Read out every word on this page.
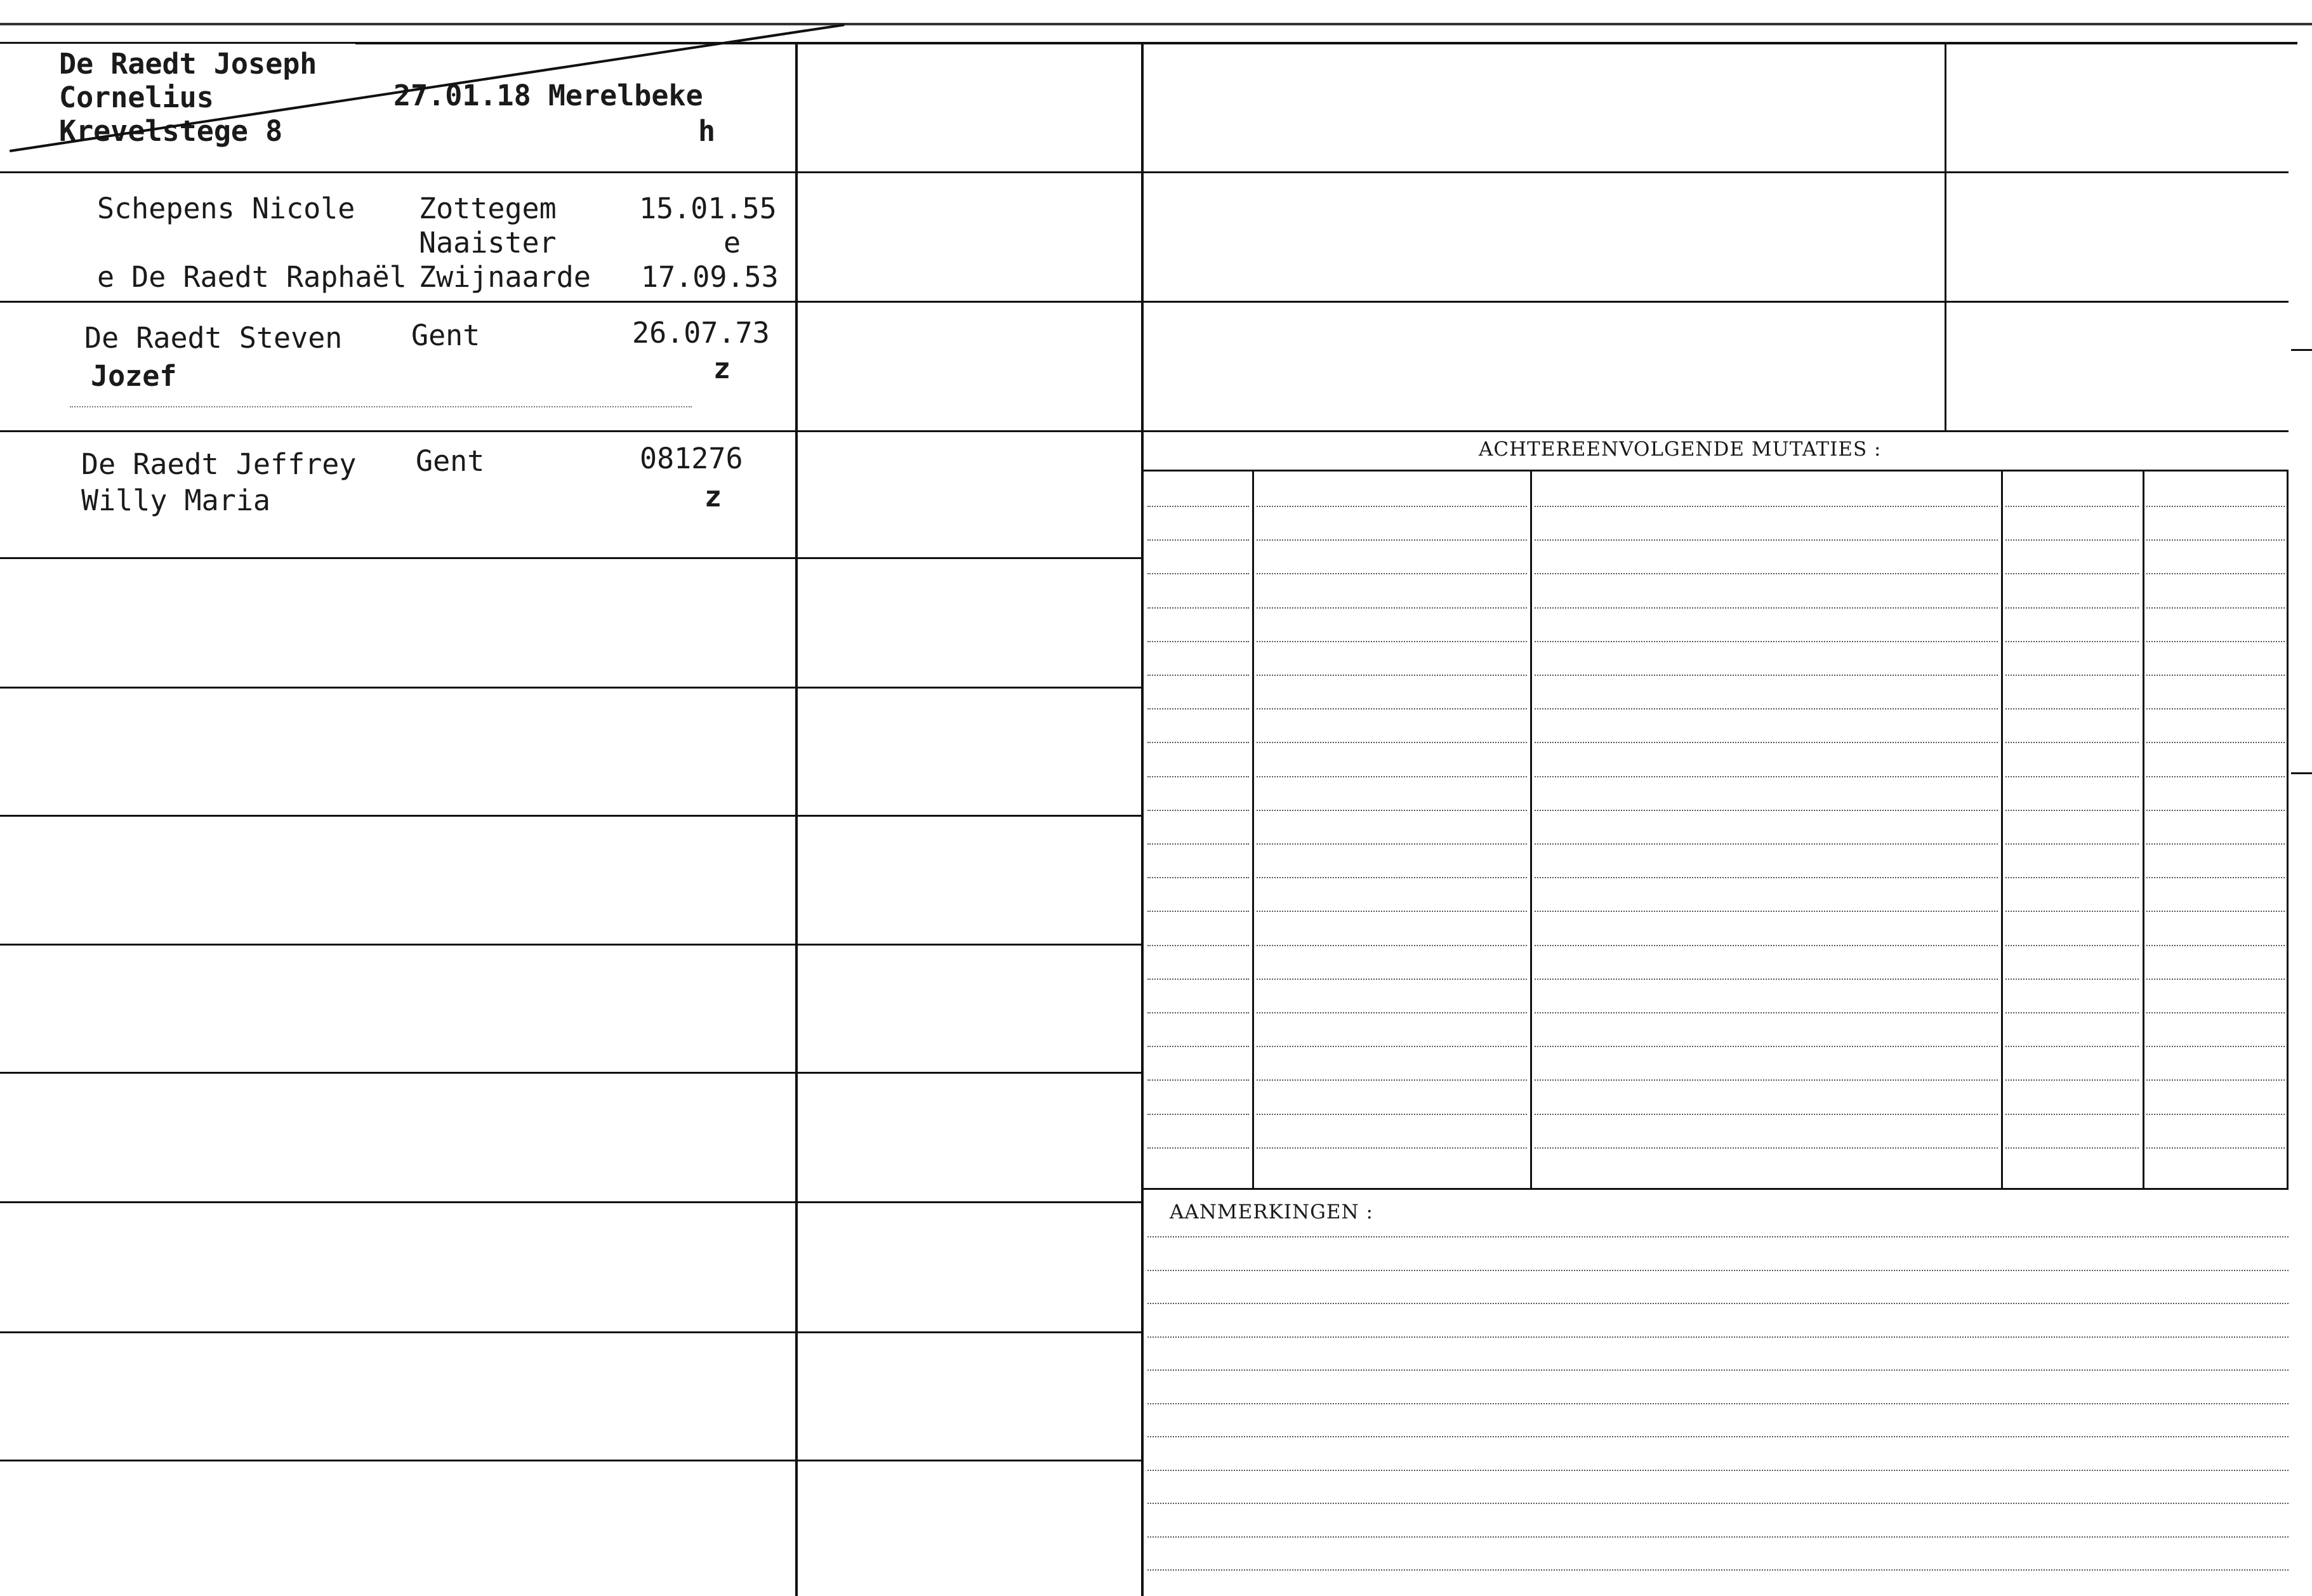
De Raedt Joseph
Cornelius
Krevelstege 8
27.01.18 Merelbeke
h
Schepens Nicole
e De Raedt Raphaël
Zottegem
Naaister
Zwijnaarde
15.01.55
e
17.09.53
De Raedt Steven
Jozef
Gent	26.07.73
z
De Raedt Jeffrey
Willy Maria
Gent	081276
z
ACHTEREENVOLGENDE MUTATIES :
AANMERKINGEN :
